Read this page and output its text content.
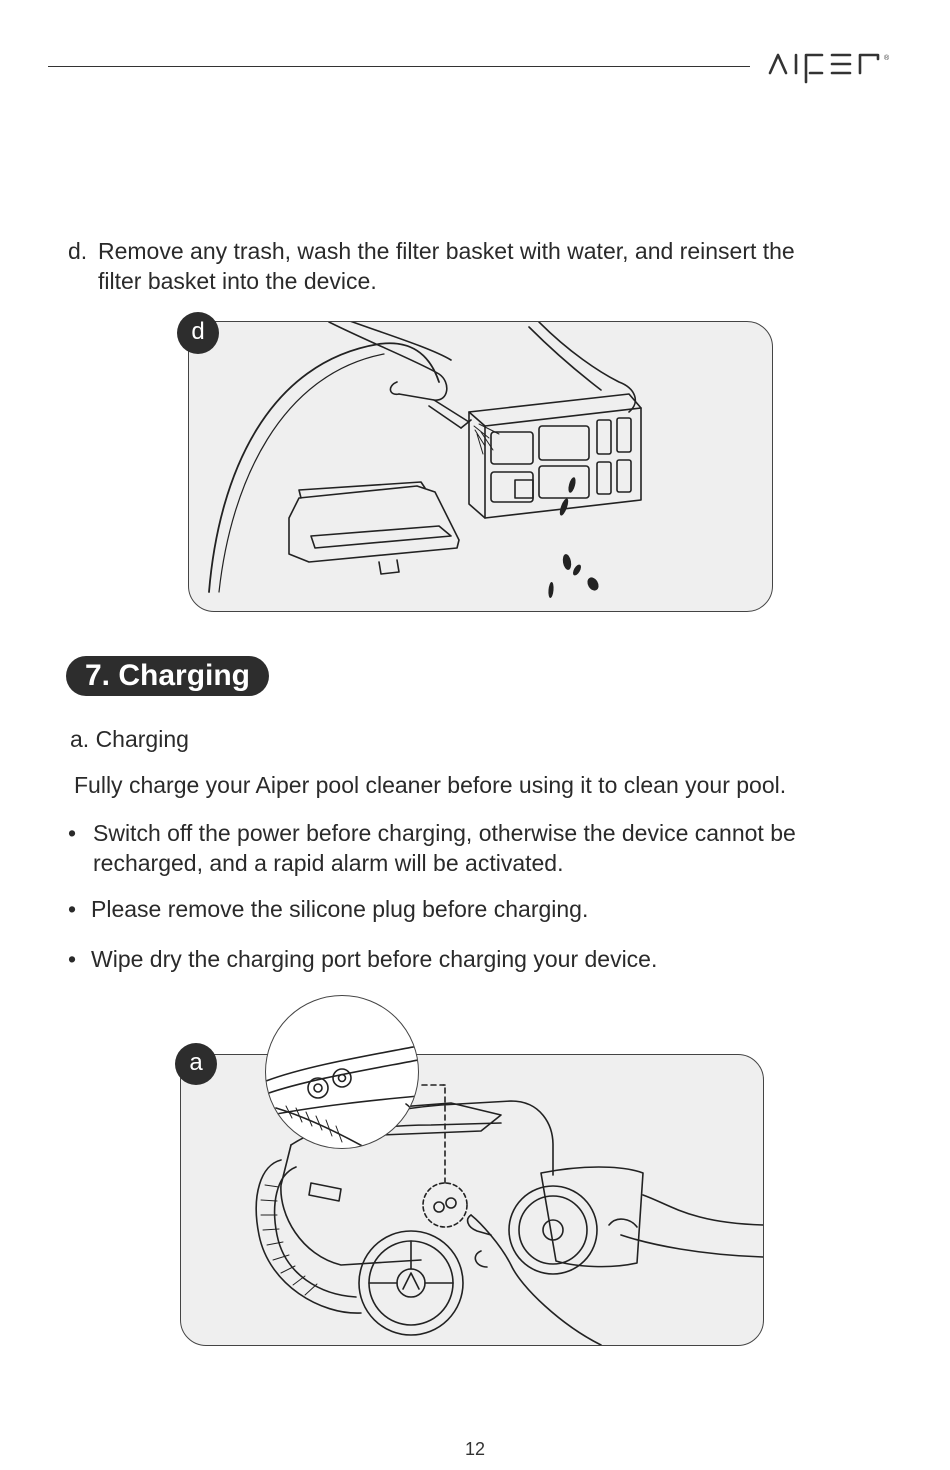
®
d. Remove any trash, wash the filter basket with water, and reinsert the
filter basket into the device.
d
7. Charging
a. Charging
Fully charge your Aiper pool cleaner before using it to clean your pool.
• Switch off the power before charging, otherwise the device cannot be
recharged, and a rapid alarm will be activated.
• Please remove the silicone plug before charging.
• Wipe dry the charging port before charging your device.
a
12
